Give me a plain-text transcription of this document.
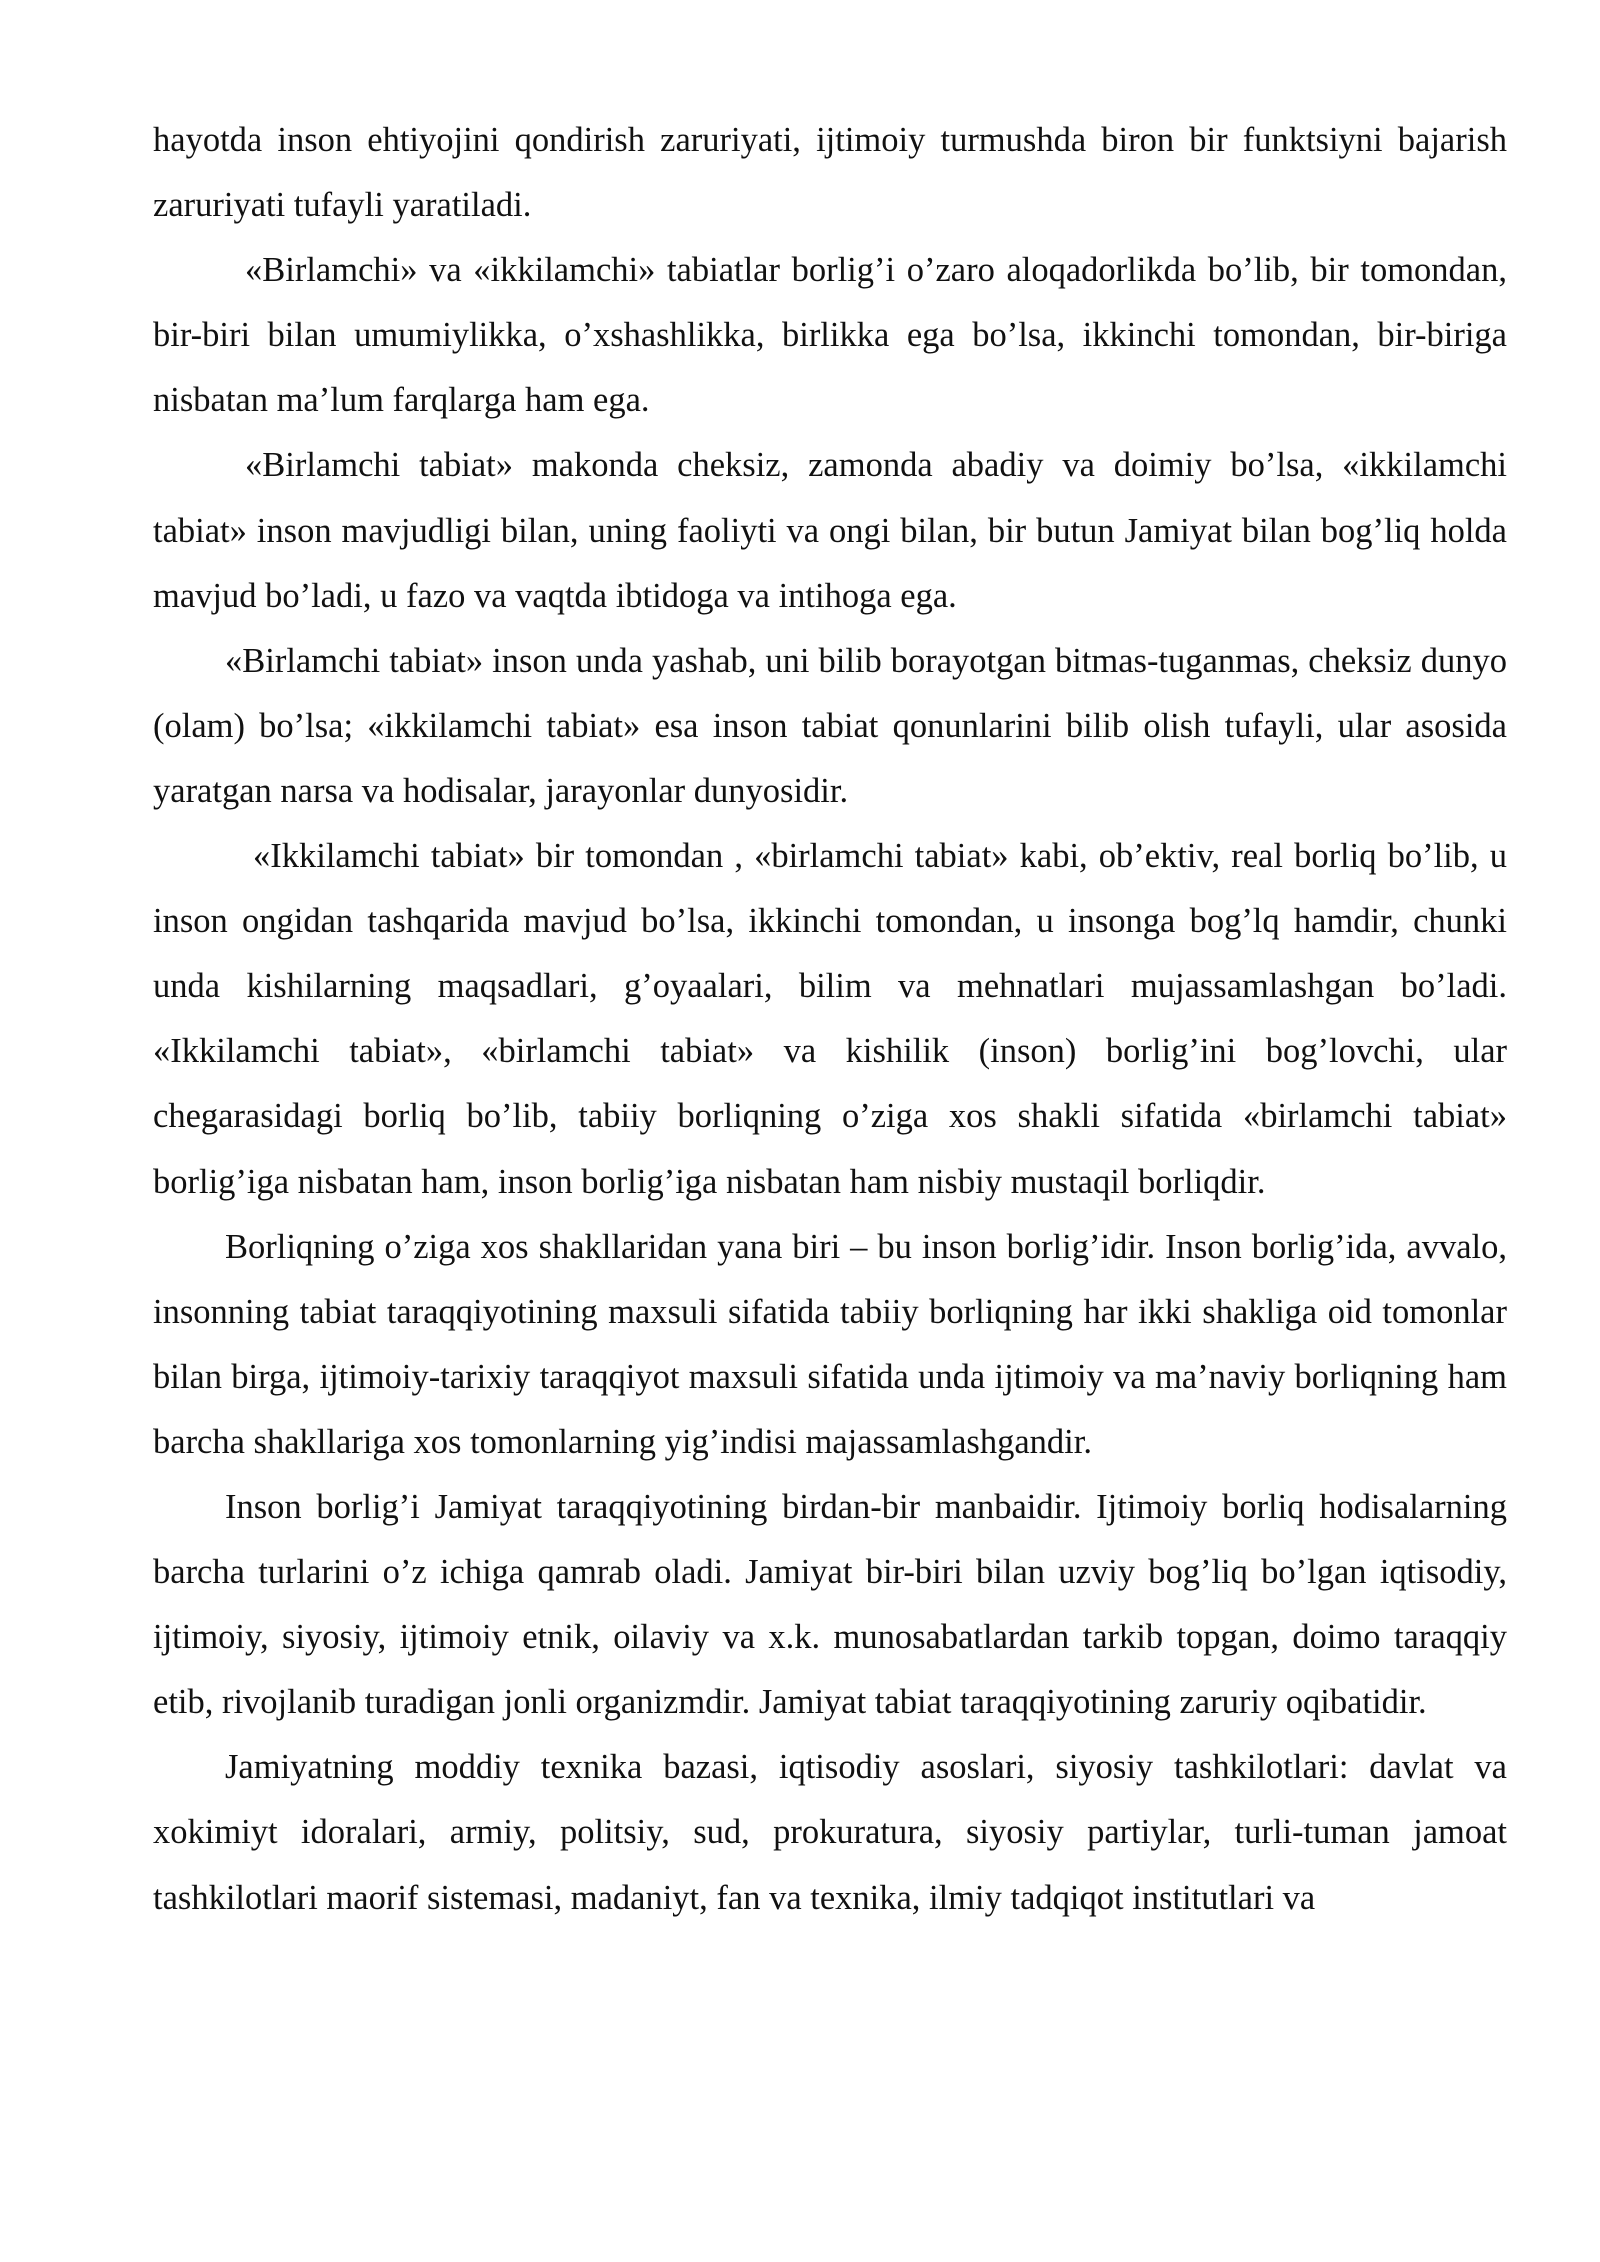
hayotda inson ehtiyojini qondirish zaruriyati, ijtimoiy turmushda biron bir funktsiyni bajarish zaruriyati tufayli yaratiladi.

«Birlamchi» va «ikkilamchi» tabiatlar borlig’i o’zaro aloqadorlikda bo’lib, bir tomondan, bir-biri bilan umumiylikka, o’xshashlikka, birlikka ega bo’lsa, ikkinchi tomondan, bir-biriga nisbatan ma’lum farqlarga ham ega.

«Birlamchi tabiat» makonda cheksiz, zamonda abadiy va doimiy bo’lsa, «ikkilamchi tabiat» inson mavjudligi bilan, uning faoliyti va ongi bilan, bir butun Jamiyat bilan bog’liq holda mavjud bo’ladi, u fazo va vaqtda ibtidoga va intihoga ega.

«Birlamchi tabiat» inson unda yashab, uni bilib borayotgan bitmas-tuganmas, cheksiz dunyo (olam) bo’lsa; «ikkilamchi tabiat» esa inson tabiat qonunlarini bilib olish tufayli, ular asosida yaratgan narsa va hodisalar, jarayonlar dunyosidir.

«Ikkilamchi tabiat» bir tomondan , «birlamchi tabiat» kabi, ob’ektiv, real borliq bo’lib, u inson ongidan tashqarida mavjud bo’lsa, ikkinchi tomondan, u insonga bog’lq hamdir, chunki unda kishilarning maqsadlari, g’oyaalari, bilim va mehnatlari mujassamlashgan bo’ladi. «Ikkilamchi tabiat», «birlamchi tabiat» va kishilik (inson) borlig’ini bog’lovchi, ular chegarasidagi borliq bo’lib, tabiiy borliqning o’ziga xos shakli sifatida «birlamchi tabiat» borlig’iga nisbatan ham, inson borlig’iga nisbatan ham nisbiy mustaqil borliqdir.

Borliqning o’ziga xos shakllaridan yana biri – bu inson borlig’idir. Inson borlig’ida, avvalo, insonning tabiat taraqqiyotining maxsuli sifatida tabiiy borliqning har ikki shakliga oid tomonlar bilan birga, ijtimoiy-tarixiy taraqqiyot maxsuli sifatida unda ijtimoiy va ma’naviy borliqning ham barcha shakllariga xos tomonlarning yig’indisi majassamlashgandir.

Inson borlig’i Jamiyat taraqqiyotining birdan-bir manbaidir. Ijtimoiy borliq hodisalarning barcha turlarini o’z ichiga qamrab oladi. Jamiyat bir-biri bilan uzviy bog’liq bo’lgan iqtisodiy, ijtimoiy, siyosiy, ijtimoiy etnik, oilaviy va x.k. munosabatlardan tarkib topgan, doimo taraqqiy etib, rivojlanib turadigan jonli organizmdir. Jamiyat tabiat taraqqiyotining zaruriy oqibatidir.

Jamiyatning moddiy texnika bazasi, iqtisodiy asoslari, siyosiy tashkilotlari: davlat va xokimiyt idoralari, armiy, politsiy, sud, prokuratura, siyosiy partiylar, turli-tuman jamoat tashkilotlari maorif sistemasi, madaniyt, fan va texnika, ilmiy tadqiqot institutlari va
